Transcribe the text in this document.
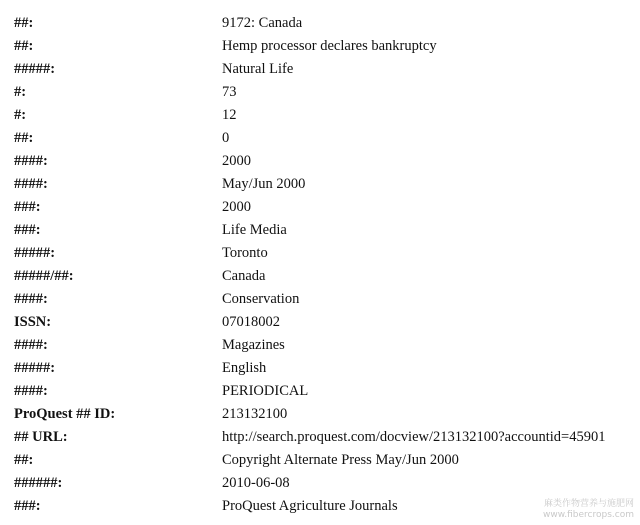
##:	9172: Canada
##:	Hemp processor declares bankruptcy
#####:	Natural Life
#:	73
#:	12
##:	0
####:	2000
####:	May/Jun 2000
###:	2000
###:	Life Media
#####:	Toronto
#####/##:	Canada
####:	Conservation
ISSN:	07018002
####:	Magazines
#####:	English
####:	PERIODICAL
ProQuest ## ID:	213132100
## URL:	http://search.proquest.com/docview/213132100?accountid=45901
##:	Copyright Alternate Press May/Jun 2000
######:	2010-06-08
###:	ProQuest Agriculture Journals	麻类作物营养与施肥网
www.fibercrops.com
